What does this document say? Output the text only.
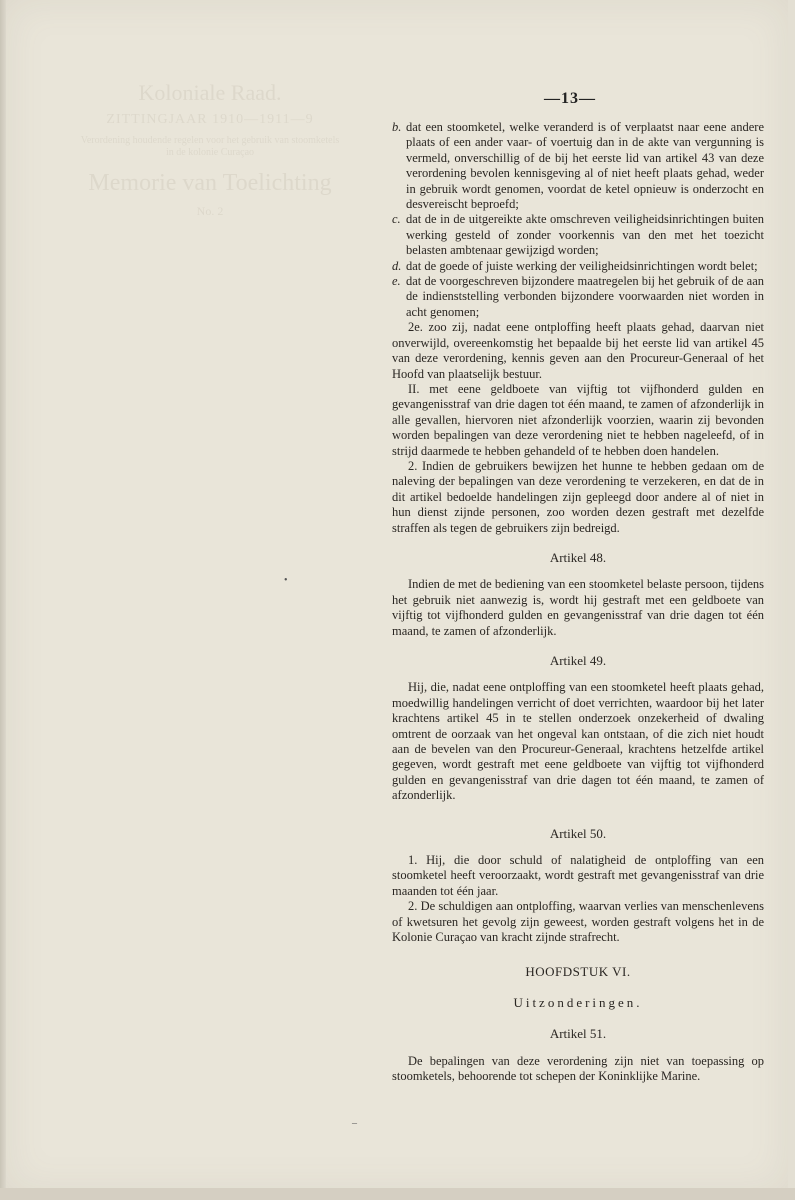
Koloniale Raad.
ZITTINGJAAR 1910—1911—9
Verordening houdende regelen voor het gebruik van stoomketels in de kolonie Curaçao
Memorie van Toelichting
No. 2
—13—
b. dat een stoomketel, welke veranderd is of verplaatst naar eene andere plaats of een ander vaar- of voertuig dan in de akte van vergunning is vermeld, onverschillig of de bij het eerste lid van artikel 43 van deze verordening bevolen kennisgeving al of niet heeft plaats gehad, weder in gebruik wordt genomen, voordat de ketel opnieuw is onderzocht en desvereischt beproefd;
c. dat de in de uitgereikte akte omschreven veiligheidsinrichtingen buiten werking gesteld of zonder voorkennis van den met het toezicht belasten ambtenaar gewijzigd worden;
d. dat de goede of juiste werking der veiligheidsinrichtingen wordt belet;
e. dat de voorgeschreven bijzondere maatregelen bij het gebruik of de aan de indienststelling verbonden bijzondere voorwaarden niet worden in acht genomen;

2e. zoo zij, nadat eene ontploffing heeft plaats gehad, daarvan niet onverwijld, overeenkomstig het bepaalde bij het eerste lid van artikel 45 van deze verordening, kennis geven aan den Procureur-Generaal of het Hoofd van plaatselijk bestuur.

II. met eene geldboete van vijftig tot vijfhonderd gulden en gevangenisstraf van drie dagen tot één maand, te zamen of afzonderlijk in alle gevallen, hiervoren niet afzonderlijk voorzien, waarin zij bevonden worden bepalingen van deze verordening niet te hebben nageleefd, of in strijd daarmede te hebben gehandeld of te hebben doen handelen.

2. Indien de gebruikers bewijzen het hunne te hebben gedaan om de naleving der bepalingen van deze verordening te verzekeren, en dat de in dit artikel bedoelde handelingen zijn gepleegd door andere al of niet in hun dienst zijnde personen, zoo worden dezen gestraft met dezelfde straffen als tegen de gebruikers zijn bedreigd.

Artikel 48.

Indien de met de bediening van een stoomketel belaste persoon, tijdens het gebruik niet aanwezig is, wordt hij gestraft met een geldboete van vijftig tot vijfhonderd gulden en gevangenisstraf van drie dagen tot één maand, te zamen of afzonderlijk.

Artikel 49.

Hij, die, nadat eene ontploffing van een stoomketel heeft plaats gehad, moedwillig handelingen verricht of doet verrichten, waardoor bij het later krachtens artikel 45 in te stellen onderzoek onzekerheid of dwaling omtrent de oorzaak van het ongeval kan ontstaan, of die zich niet houdt aan de bevelen van den Procureur-Generaal, krachtens hetzelfde artikel gegeven, wordt gestraft met eene geldboete van vijftig tot vijfhonderd gulden en gevangenisstraf van drie dagen tot één maand, te zamen of afzonderlijk.

Artikel 50.

1. Hij, die door schuld of nalatigheid de ontploffing van een stoomketel heeft veroorzaakt, wordt gestraft met gevangenisstraf van drie maanden tot één jaar.

2. De schuldigen aan ontploffing, waarvan verlies van menschenlevens of kwetsuren het gevolg zijn geweest, worden gestraft volgens het in de Kolonie Curaçao van kracht zijnde strafrecht.

HOOFDSTUK VI.
Uitzonderingen.
Artikel 51.

De bepalingen van deze verordening zijn niet van toepassing op stoomketels, behoorende tot schepen der Koninklijke Marine.

•
–
